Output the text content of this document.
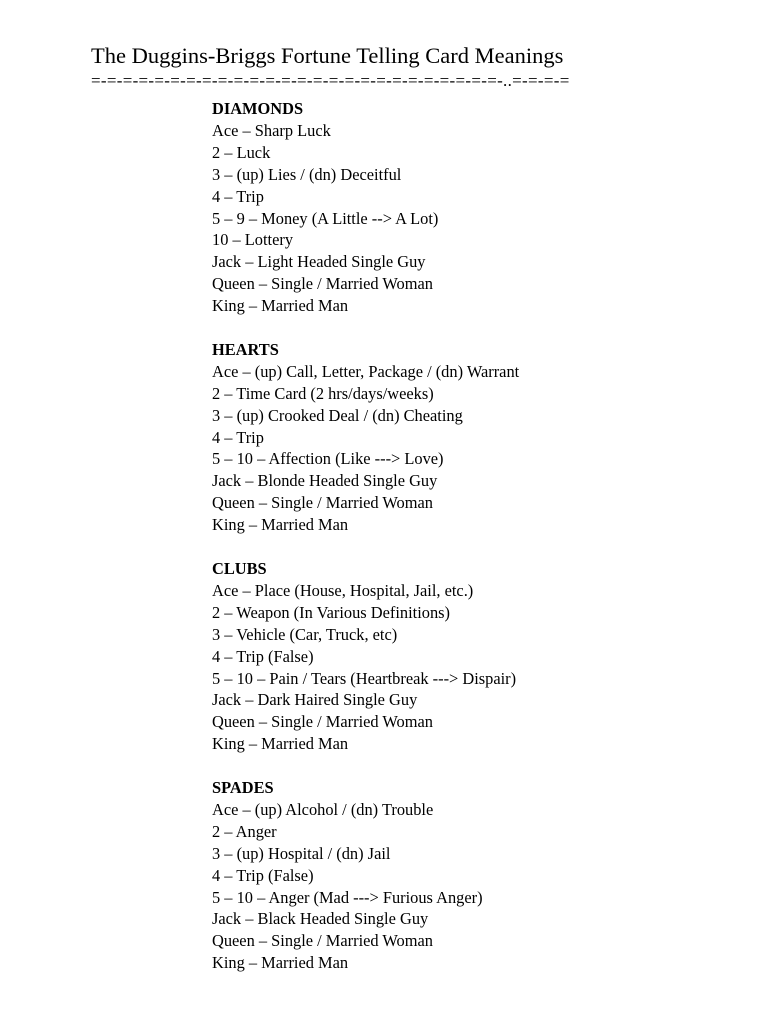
The Duggins-Briggs Fortune Telling Card Meanings
=-=-=-=-=-=-=-=-=-=-=-=-=-=-=-=-=-=-=-=-=-=-=-=-=-=-..=-=-=-=
DIAMONDS
Ace – Sharp Luck
2 – Luck
3 – (up) Lies / (dn) Deceitful
4 – Trip
5 – 9 – Money (A Little --> A Lot)
10 – Lottery
Jack – Light Headed Single Guy
Queen – Single / Married Woman
King – Married Man
HEARTS
Ace – (up) Call, Letter, Package / (dn) Warrant
2 – Time Card (2 hrs/days/weeks)
3 – (up) Crooked Deal / (dn) Cheating
4 – Trip
5 – 10 – Affection (Like ---> Love)
Jack – Blonde Headed Single Guy
Queen – Single / Married Woman
King – Married Man
CLUBS
Ace – Place (House, Hospital, Jail, etc.)
2 – Weapon (In Various Definitions)
3 – Vehicle (Car, Truck, etc)
4 – Trip (False)
5 – 10 – Pain / Tears (Heartbreak ---> Dispair)
Jack – Dark Haired Single Guy
Queen – Single / Married Woman
King – Married Man
SPADES
Ace – (up) Alcohol / (dn) Trouble
2 – Anger
3 – (up) Hospital / (dn) Jail
4 – Trip (False)
5 – 10 – Anger (Mad ---> Furious Anger)
Jack – Black Headed Single Guy
Queen – Single / Married Woman
King – Married Man
